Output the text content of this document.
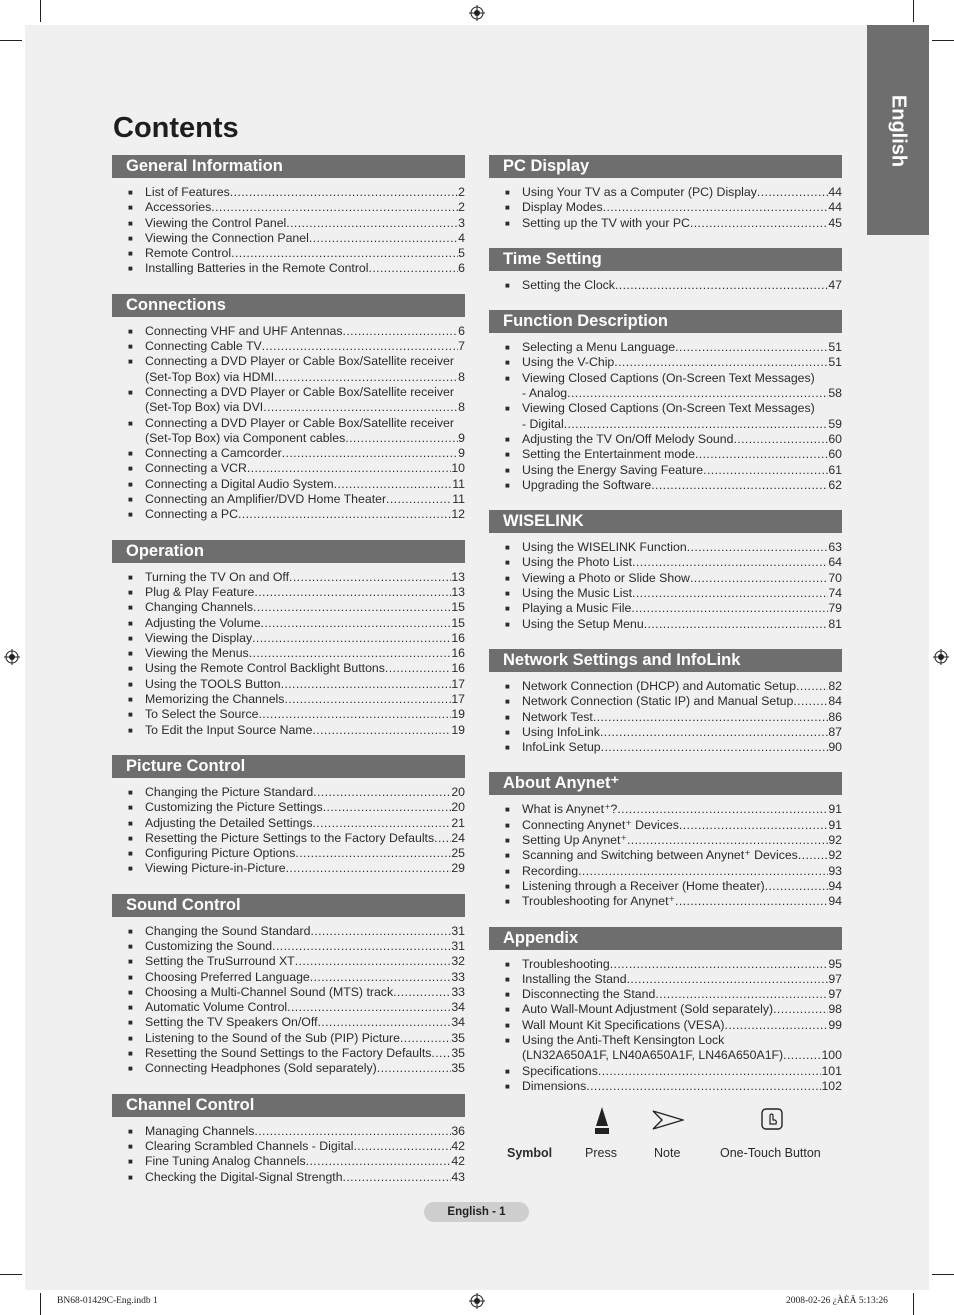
English
Contents
General Information
■ List of Features .....	2
■ Accessories .....	2
■ Viewing the Control Panel .....	3
■ Viewing the Connection Panel .....	4
■ Remote Control .....	5
■ Installing Batteries in the Remote Control .....	6
Connections
■ Connecting VHF and UHF Antennas .....	6
■ Connecting Cable TV .....	7
■ Connecting a DVD Player or Cable Box/Satellite receiver
(Set-Top Box) via HDMI .....	8
■ Connecting a DVD Player or Cable Box/Satellite receiver
(Set-Top Box) via DVI .....	8
■ Connecting a DVD Player or Cable Box/Satellite receiver
(Set-Top Box) via Component cables .....	9
■ Connecting a Camcorder .....	9
■ Connecting a VCR .....	10
■ Connecting a Digital Audio System .....	11
■ Connecting an Amplifier/DVD Home Theater .....	11
■ Connecting a PC .....	12
Operation
■ Turning the TV On and Off .....	13
■ Plug & Play Feature .....	13
■ Changing Channels .....	15
■ Adjusting the Volume .....	15
■ Viewing the Display .....	16
■ Viewing the Menus .....	16
■ Using the Remote Control Backlight Buttons .....	16
■ Using the TOOLS Button .....	17
■ Memorizing the Channels .....	17
■ To Select the Source .....	19
■ To Edit the Input Source Name .....	19
Picture Control
■ Changing the Picture Standard .....	20
■ Customizing the Picture Settings .....	20
■ Adjusting the Detailed Settings .....	21
■ Resetting the Picture Settings to the Factory Defaults ..... 24
■ Configuring Picture Options .....	25
■ Viewing Picture-in-Picture .....	29
Sound Control
■ Changing the Sound Standard .....	31
■ Customizing the Sound .....	31
■ Setting the TruSurround XT .....	32
■ Choosing Preferred Language .....	33
■ Choosing a Multi-Channel Sound (MTS) track .....	33
■ Automatic Volume Control .....	34
■ Setting the TV Speakers On/Off .....	34
■ Listening to the Sound of the Sub (PIP) Picture .....	35
■ Resetting the Sound Settings to the Factory Defaults ..... 35
■ Connecting Headphones (Sold separately) .....	35
Channel Control
■ Managing Channels .....	36
■ Clearing Scrambled Channels - Digital .....	42
■ Fine Tuning Analog Channels .....	42
■ Checking the Digital-Signal Strength .....	43
PC Display
■ Using Your TV as a Computer (PC) Display .....	44
■ Display Modes .....	44
■ Setting up the TV with your PC .....	45
Time Setting
■ Setting the Clock .....	47
Function Description
■ Selecting a Menu Language .....	51
■ Using the V-Chip .....	51
■ Viewing Closed Captions (On-Screen Text Messages)
- Analog .....	58
■ Viewing Closed Captions (On-Screen Text Messages)
- Digital .....	59
■ Adjusting the TV On/Off Melody Sound .....	60
■ Setting the Entertainment mode .....	60
■ Using the Energy Saving Feature .....	61
■ Upgrading the Software .....	62
WISELINK
■ Using the WISELINK Function .....	63
■ Using the Photo List .....	64
■ Viewing a Photo or Slide Show .....	70
■ Using the Music List .....	74
■ Playing a Music File .....	79
■ Using the Setup Menu .....	81
Network Settings and InfoLink
■ Network Connection (DHCP) and Automatic Setup .....	82
■ Network Connection (Static IP) and Manual Setup .....	84
■ Network Test .....	86
■ Using InfoLink .....	87
■ InfoLink Setup .....	90
About Anynet⁺
■ What is Anynet⁺? .....	91
■ Connecting Anynet⁺ Devices .....	91
■ Setting Up Anynet⁺ .....	92
■ Scanning and Switching between Anynet⁺ Devices ..... 92
■ Recording .....	93
■ Listening through a Receiver (Home theater) .....	94
■ Troubleshooting for Anynet⁺ .....	94
Appendix
■ Troubleshooting .....	95
■ Installing the Stand .....	97
■ Disconnecting the Stand .....	97
■ Auto Wall-Mount Adjustment (Sold separately) .....	98
■ Wall Mount Kit Specifications (VESA) .....	99
■ Using the Anti-Theft Kensington Lock
(LN32A650A1F, LN40A650A1F, LN46A650A1F) .....	100
■ Specifications .....	101
■ Dimensions .....	102
Symbol	Press	Note	One-Touch Button
English - 1
BN68-01429C-Eng.indb 1	2008-02-26 ¿ÀÈÄ 5:13:26
